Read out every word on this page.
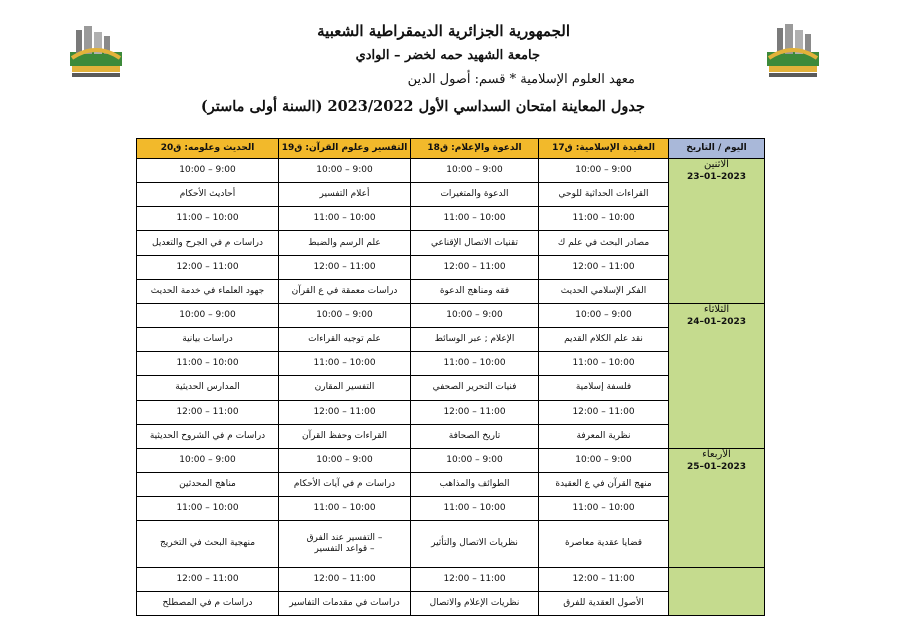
الجمهورية الجزائرية الديمقراطية الشعبية
جامعة الشهيد حمه لخضر – الوادي
معهد العلوم الإسلامية * قسم: أصول الدين
جدول المعاينة امتحان السداسي الأول 2023/2022 (السنة أولى ماستر)
اليوم / التاريخ	العقيدة الإسلامية: ق17	الدعوة والإعلام: ق18	التفسير وعلوم القرآن: ق19	الحديث وعلومه: ق20

الاثنين
2023–01–23	9:00 – 10:00	9:00 – 10:00	9:00 – 10:00	9:00 – 10:00
	القراءات الحداثية للوحي	الدعوة والمتغيرات	أعلام التفسير	أحاديث الأحكام
	10:00 – 11:00	10:00 – 11:00	10:00 – 11:00	10:00 – 11:00
	مصادر البحث في علم ك	تقنيات الاتصال الإقناعي	علم الرسم والضبط	دراسات م في الجرح والتعديل
	11:00 – 12:00	11:00 – 12:00	11:00 – 12:00	11:00 – 12:00
	الفكر الإسلامي الحديث	فقه ومناهج الدعوة	دراسات معمقة في ع القرآن	جهود العلماء في خدمة الحديث

الثلاثاء
2023–01–24	9:00 – 10:00	9:00 – 10:00	9:00 – 10:00	9:00 – 10:00
	نقد علم الكلام القديم	الإعلام ; عبر الوسائط	علم توجيه القراءات	دراسات بيانية
	10:00 – 11:00	10:00 – 11:00	10:00 – 11:00	10:00 – 11:00
	فلسفة إسلامية	فنيات التحرير الصحفي	التفسير المقارن	المدارس الحديثية
	11:00 – 12:00	11:00 – 12:00	11:00 – 12:00	11:00 – 12:00
	نظرية المعرفة	تاريخ الصحافة	القراءات وحفظ القرآن	دراسات م في الشروح الحديثية

الأربعاء
2023–01–25	9:00 – 10:00	9:00 – 10:00	9:00 – 10:00	9:00 – 10:00
	منهج القرآن في ع العقيدة	الطوائف والمذاهب	دراسات م في آيات الأحكام	مناهج المحدثين
	10:00 – 11:00	10:00 – 11:00	10:00 – 11:00	10:00 – 11:00
	قضايا عقدية معاصرة	نظريات الاتصال والتأثير	– التفسير عند الفرق
– قواعد التفسير	منهجية البحث في التخريج
	11:00 – 12:00	11:00 – 12:00	11:00 – 12:00	11:00 – 12:00
	الأصول العقدية للفرق	نظريات الإعلام والاتصال	دراسات في مقدمات التفاسير	دراسات م في المصطلح
